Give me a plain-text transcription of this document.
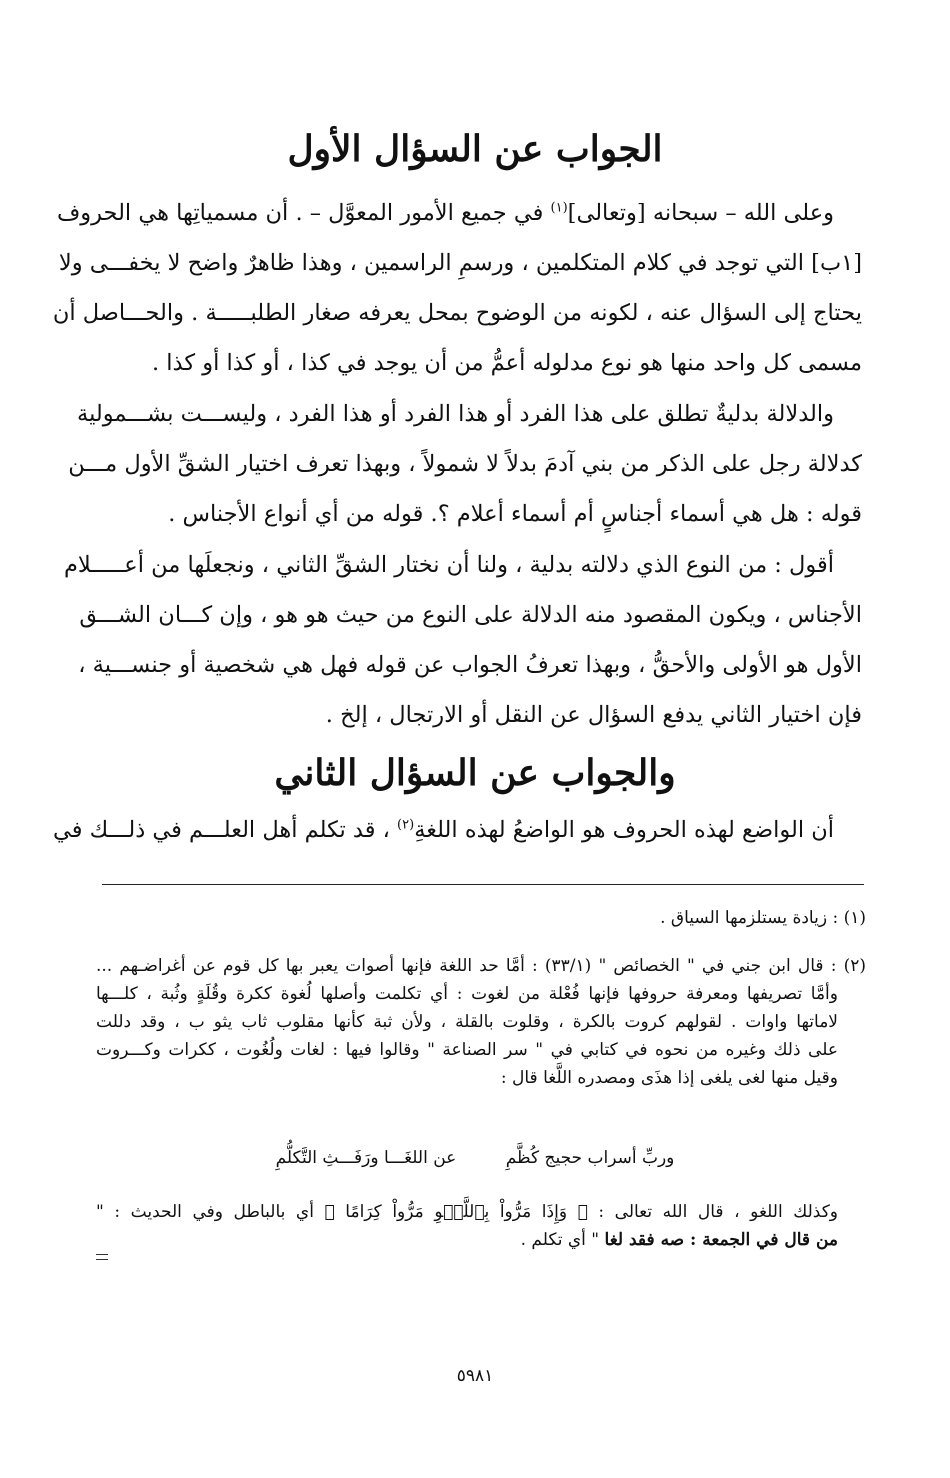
الجواب عن السؤال الأول
وعلى الله – سبحانه [وتعالى]$^{(١)}$ في جميع الأمور المعوَّل – . أن مسمياتِها هي الحروف
[١ب] التي توجد في كلام المتكلمين ، ورسمِ الراسمين ، وهذا ظاهرٌ واضح لا يخفـــى ولا
يحتاج إلى السؤال عنه ، لكونه من الوضوح بمحل يعرفه صغار الطلبـــــة . والحـــاصل أن
مسمى كل واحد منها هو نوع مدلوله أعمُّ من أن يوجد في كذا ، أو كذا أو كذا .
والدلالة بدليةٌ تطلق على هذا الفرد أو هذا الفرد أو هذا الفرد ، وليســـت بشـــمولية
كدلالة رجل على الذكر من بني آدمَ بدلاً لا شمولاً ، وبهذا تعرف اختيار الشقِّ الأول مـــن
قوله : هل هي أسماء أجناسٍ أم أسماء أعلام ؟. قوله من أي أنواع الأجناس .
أقول : من النوع الذي دلالته بدلية ، ولنا أن نختار الشقِّ الثاني ، ونجعلَها من أعـــــلام
الأجناس ، ويكون المقصود منه الدلالة على النوع من حيث هو هو ، وإن كـــان الشـــق
الأول هو الأولى والأحقُّ ، وبهذا تعرفُ الجواب عن قوله فهل هي شخصية أو جنســـية ،
فإن اختيار الثاني يدفع السؤال عن النقل أو الارتجال ، إلخ .
والجواب عن السؤال الثاني
أن الواضع لهذه الحروف هو الواضعُ لهذه اللغةِ$^{(٢)}$ ، قد تكلم أهل العلـــم في ذلـــك في
(١) : زيادة يستلزمها السياق .
(٢) : قال ابن جني في " الخصائص " (٣٣/١) : أمَّا حد اللغة فإنها أصوات يعبر بها كل قوم عن أغراضـهم ...
وأمَّا تصريفها ومعرفة حروفها فإنها فُعْلة من لغوت : أي تكلمت وأصلها لُغوة ككرة وقُلَةٍ وثُبة ، كلـــها
لاماتها واوات . لقولهم كروت بالكرة ، وقلوت بالقلة ، ولأن ثبة كأنها مقلوب ثاب يثو ب ، وقد دللت
على ذلك وغيره من نحوه في كتابي في " سر الصناعة " وقالوا فيها : لغات ولُغُوت ، ككرات وكـــروت
وقيل منها لغى يلغى إذا هذَى ومصدره اللَّغا قال :
وربِّ أسراب حجيج كُظَّمِ عن اللغَـــا ورَفَـــثِ التَّكلُّمِ
وكذلك اللغو ، قال الله تعالى : ﴿ وَإِذَا مَرُّواْ بِٱللَّغۡوِ مَرُّواْ كِرَامًا ﴾ أي بالباطل وفي الحديث : "
من قال في الجمعة : صه فقد لغا " أي تكلم .
٥٩٨١
